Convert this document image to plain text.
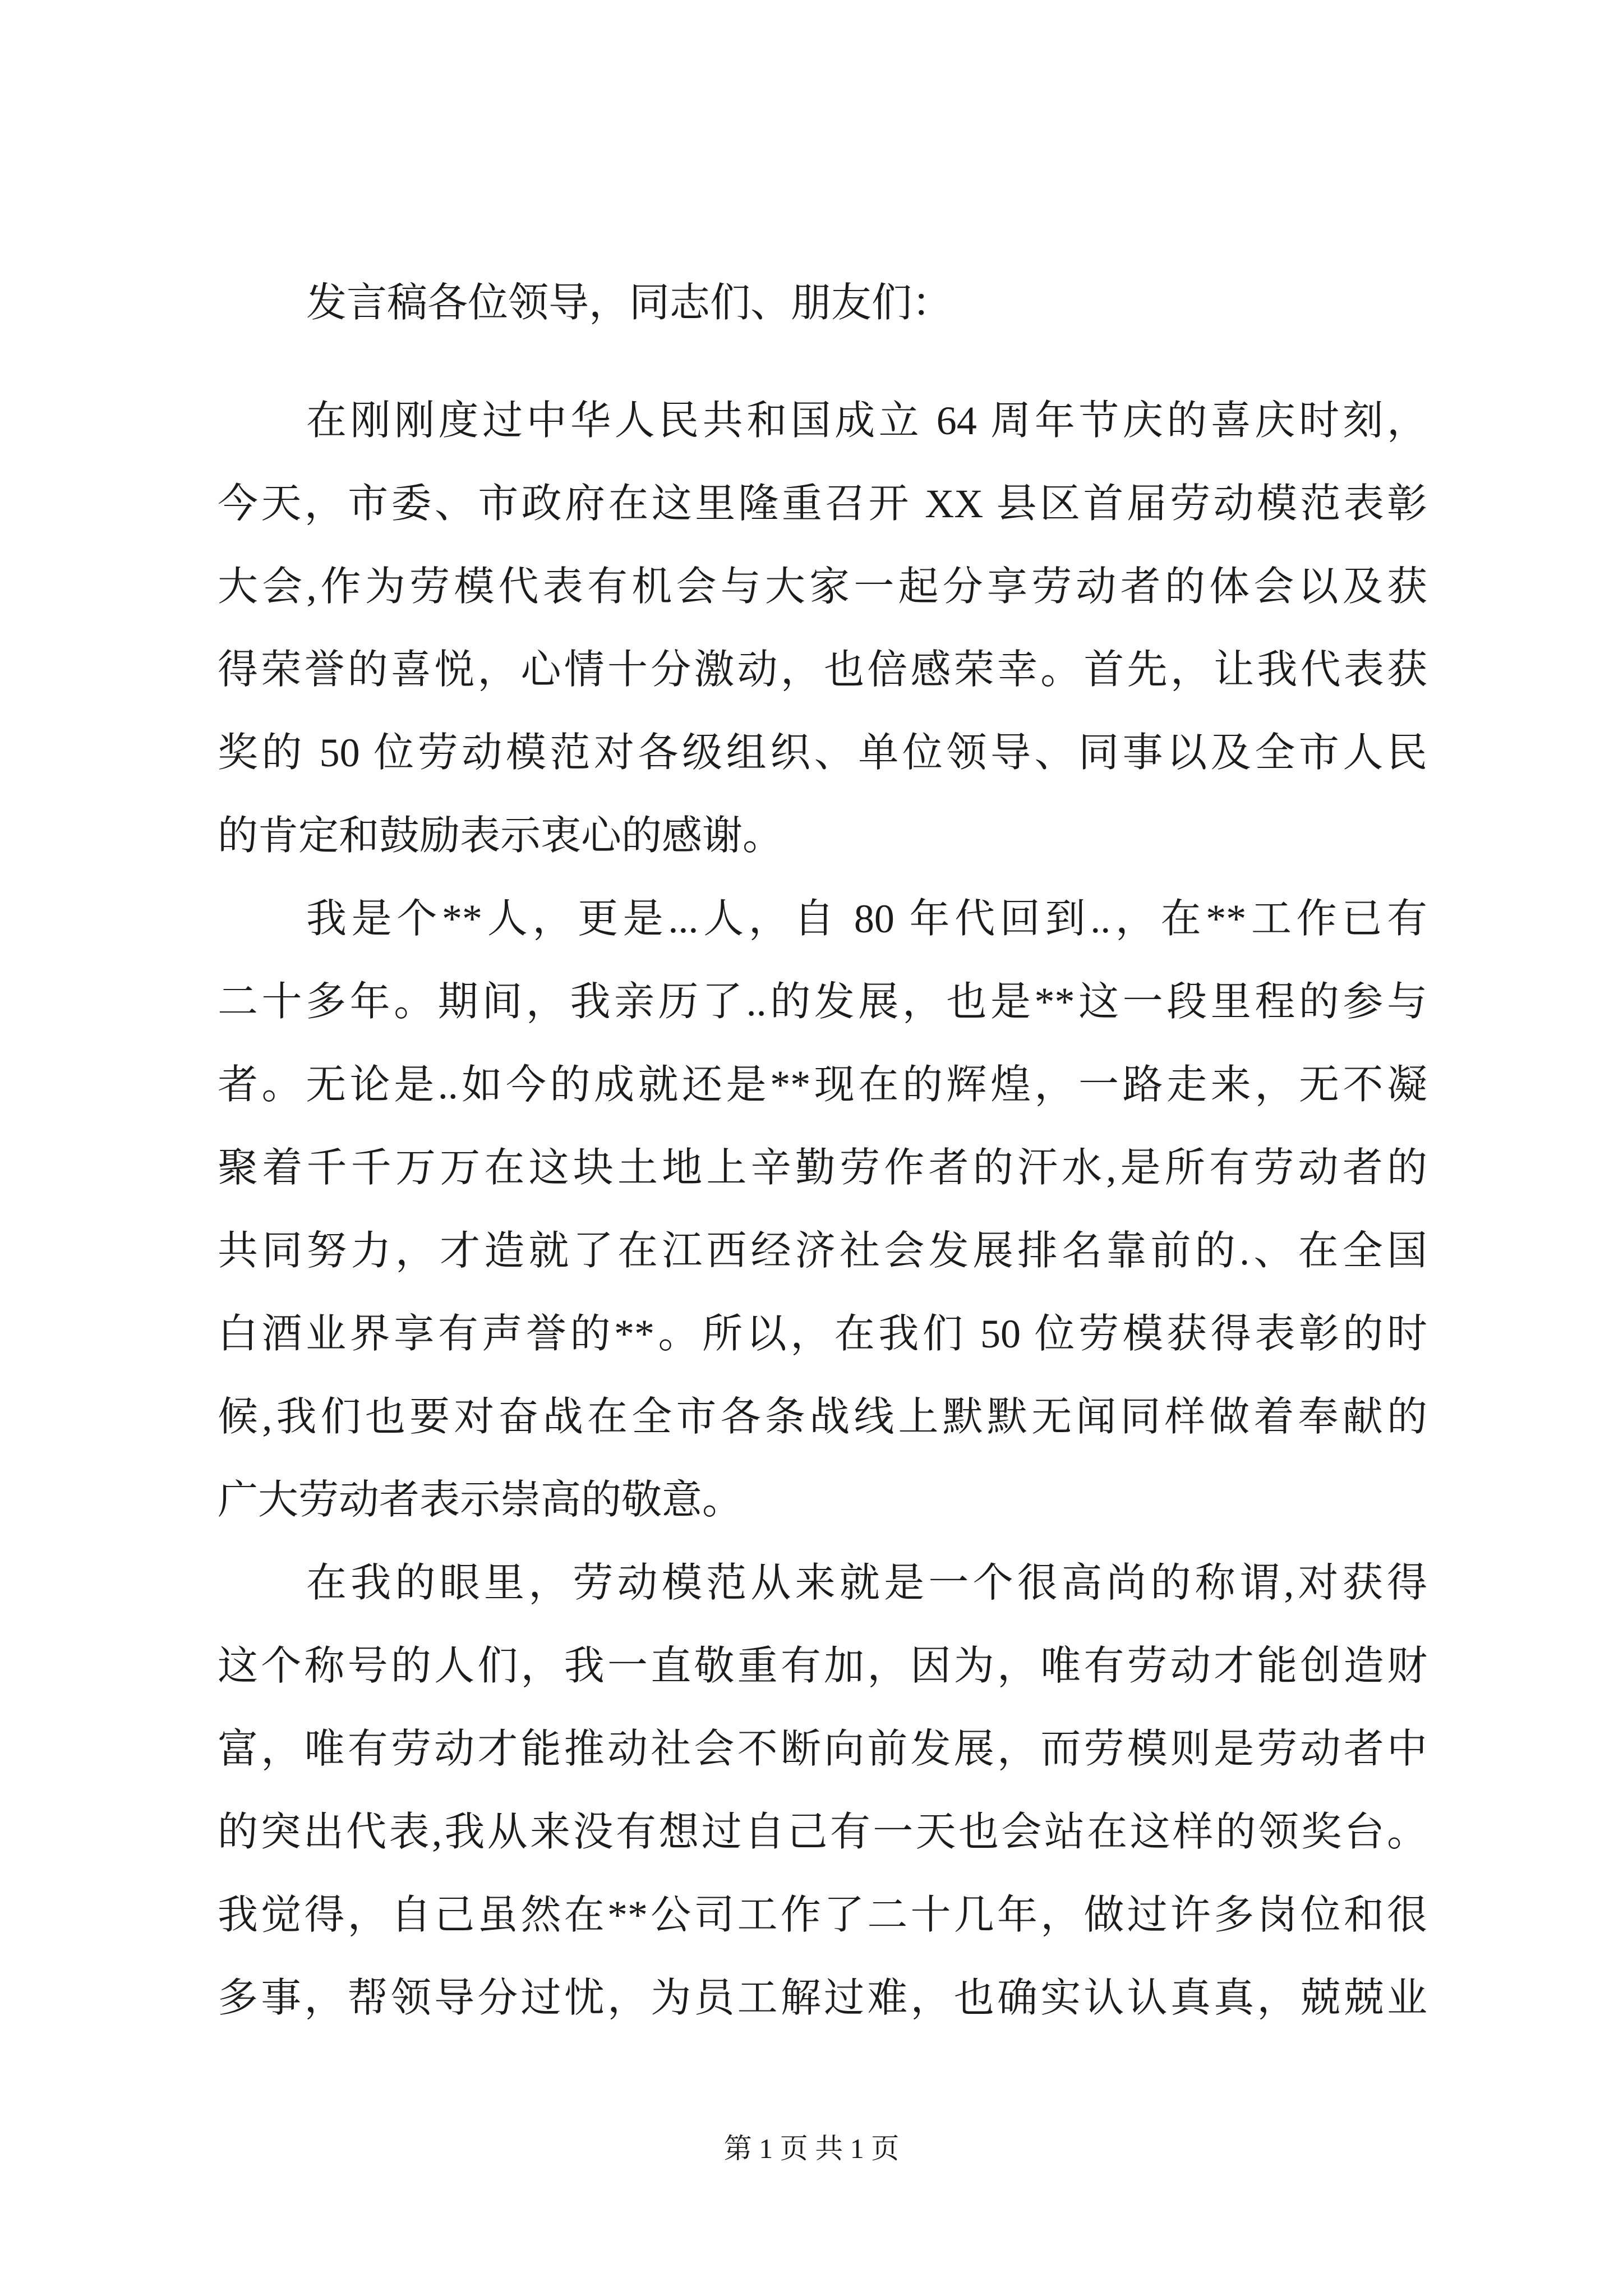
发言稿各位领导，同志们、朋友们：
在刚刚度过中华人民共和国成立 64 周年节庆的喜庆时刻，
今天，市委、市政府在这里隆重召开 XX 县区首届劳动模范表彰
大会,作为劳模代表有机会与大家一起分享劳动者的体会以及获
得荣誉的喜悦，心情十分激动，也倍感荣幸。首先，让我代表获
奖的 50 位劳动模范对各级组织、单位领导、同事以及全市人民
的肯定和鼓励表示衷心的感谢。
我是个**人，更是...人，自 80 年代回到..，在**工作已有
二十多年。期间，我亲历了..的发展，也是**这一段里程的参与
者。无论是..如今的成就还是**现在的辉煌，一路走来，无不凝
聚着千千万万在这块土地上辛勤劳作者的汗水,是所有劳动者的
共同努力，才造就了在江西经济社会发展排名靠前的.、在全国
白酒业界享有声誉的**。所以，在我们 50 位劳模获得表彰的时
候,我们也要对奋战在全市各条战线上默默无闻同样做着奉献的
广大劳动者表示崇高的敬意。
在我的眼里，劳动模范从来就是一个很高尚的称谓,对获得
这个称号的人们，我一直敬重有加，因为，唯有劳动才能创造财
富，唯有劳动才能推动社会不断向前发展，而劳模则是劳动者中
的突出代表,我从来没有想过自己有一天也会站在这样的领奖台。
我觉得，自己虽然在**公司工作了二十几年，做过许多岗位和很
多事，帮领导分过忧，为员工解过难，也确实认认真真，兢兢业
第 1 页 共 1 页
